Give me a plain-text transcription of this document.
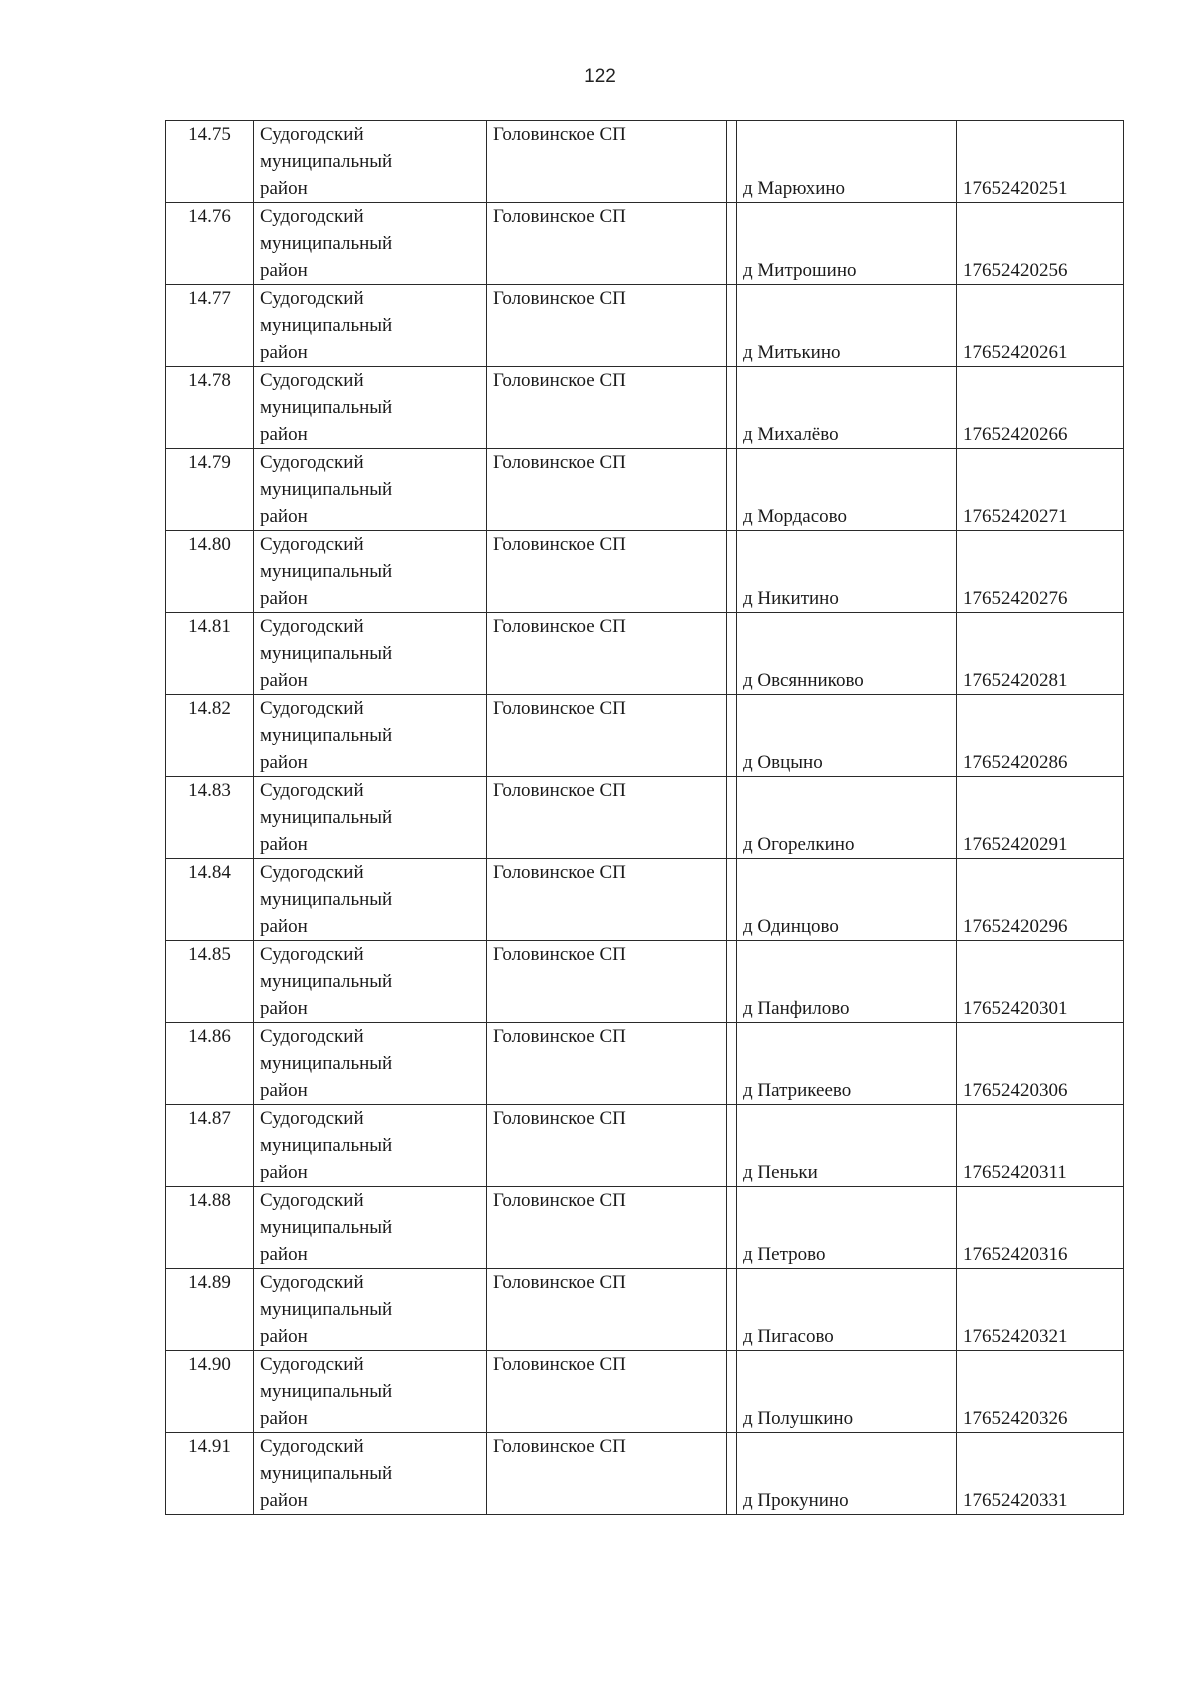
122
14.75	Судогодский
муниципальный
район	Головинское СП		д Марюхино	17652420251
14.76	Судогодский
муниципальный
район	Головинское СП		д Митрошино	17652420256
14.77	Судогодский
муниципальный
район	Головинское СП		д Митькино	17652420261
14.78	Судогодский
муниципальный
район	Головинское СП		д Михалёво	17652420266
14.79	Судогодский
муниципальный
район	Головинское СП		д Мордасово	17652420271
14.80	Судогодский
муниципальный
район	Головинское СП		д Никитино	17652420276
14.81	Судогодский
муниципальный
район	Головинское СП		д Овсянниково	17652420281
14.82	Судогодский
муниципальный
район	Головинское СП		д Овцыно	17652420286
14.83	Судогодский
муниципальный
район	Головинское СП		д Огорелкино	17652420291
14.84	Судогодский
муниципальный
район	Головинское СП		д Одинцово	17652420296
14.85	Судогодский
муниципальный
район	Головинское СП		д Панфилово	17652420301
14.86	Судогодский
муниципальный
район	Головинское СП		д Патрикеево	17652420306
14.87	Судогодский
муниципальный
район	Головинское СП		д Пеньки	17652420311
14.88	Судогодский
муниципальный
район	Головинское СП		д Петрово	17652420316
14.89	Судогодский
муниципальный
район	Головинское СП		д Пигасово	17652420321
14.90	Судогодский
муниципальный
район	Головинское СП		д Полушкино	17652420326
14.91	Судогодский
муниципальный
район	Головинское СП		д Прокунино	17652420331
